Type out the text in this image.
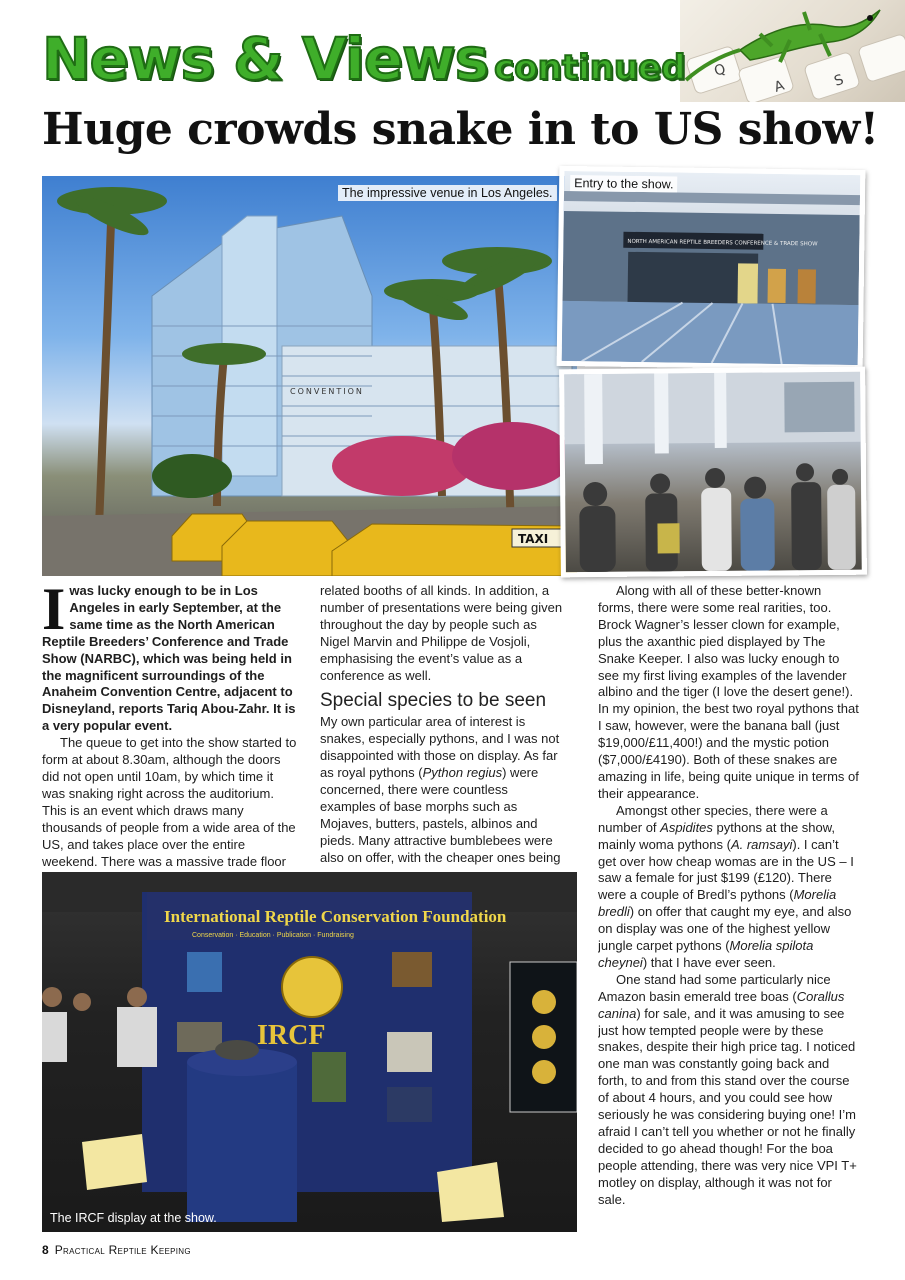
Q
A	S
News & Views continued
Huge crowds snake in to US show!
CONVENTION
TAXI
The impressive venue in Los Angeles.
NORTH AMERICAN REPTILE BREEDERS CONFERENCE & TRADE SHOW
Entry to the show.
International Reptile Conservation Foundation
Conservation · Education · Publication · Fundraising
IRCF
The IRCF display at the show.
I was lucky enough to be in Los Angeles in early September, at the same time as the North American Reptile Breeders’ Conference and Trade Show (NARBC), which was being held in the magnificent surroundings of the Anaheim Convention Centre, adjacent to Disneyland, reports Tariq Abou-Zahr. It is a very popular event.

The queue to get into the show started to form at about 8.30am, although the doors did not open until 10am, by which time it was snaking right across the auditorium. This is an event which draws many thousands of people from a wide area of the US, and takes place over the entire weekend. There was a massive trade floor

related booths of all kinds. In addition, a number of presentations were being given throughout the day by people such as Nigel Marvin and Philippe de Vosjoli, emphasising the event’s value as a conference as well.

Special species to be seen

My own particular area of interest is snakes, especially pythons, and I was not disappointed with those on display. As far as royal pythons (Python regius) were concerned, there were countless examples of base morphs such as Mojaves, butters, pastels, albinos and pieds. Many attractive bumblebees were also on offer, with the cheaper ones being

Along with all of these better-known forms, there were some real rarities, too. Brock Wagner’s lesser clown for example, plus the axanthic pied displayed by The Snake Keeper. I also was lucky enough to see my first living examples of the lavender albino and the tiger (I love the desert gene!). In my opinion, the best two royal pythons that I saw, however, were the banana ball (just $19,000/£11,400!) and the mystic potion ($7,000/£4190). Both of these snakes are amazing in life, being quite unique in terms of their appearance.

Amongst other species, there were a number of Aspidites pythons at the show, mainly woma pythons (A. ramsayi). I can’t get over how cheap womas are in the US – I saw a female for just $199 (£120). There were a couple of Bredl’s pythons (Morelia bredli) on offer that caught my eye, and also on display was one of the highest yellow jungle carpet pythons (Morelia spilota cheynei) that I have ever seen.

One stand had some particularly nice Amazon basin emerald tree boas (Corallus canina) for sale, and it was amusing to see just how tempted people were by these snakes, despite their high price tag. I noticed one man was constantly going back and forth, to and from this stand over the course of about 4 hours, and you could see how seriously he was considering buying one! I’m afraid I can’t tell you whether or not he finally decided to go ahead though! For the boa people attending, there was very nice VPI T+ motley on display, although it was not for sale.

8 Practical Reptile Keeping
